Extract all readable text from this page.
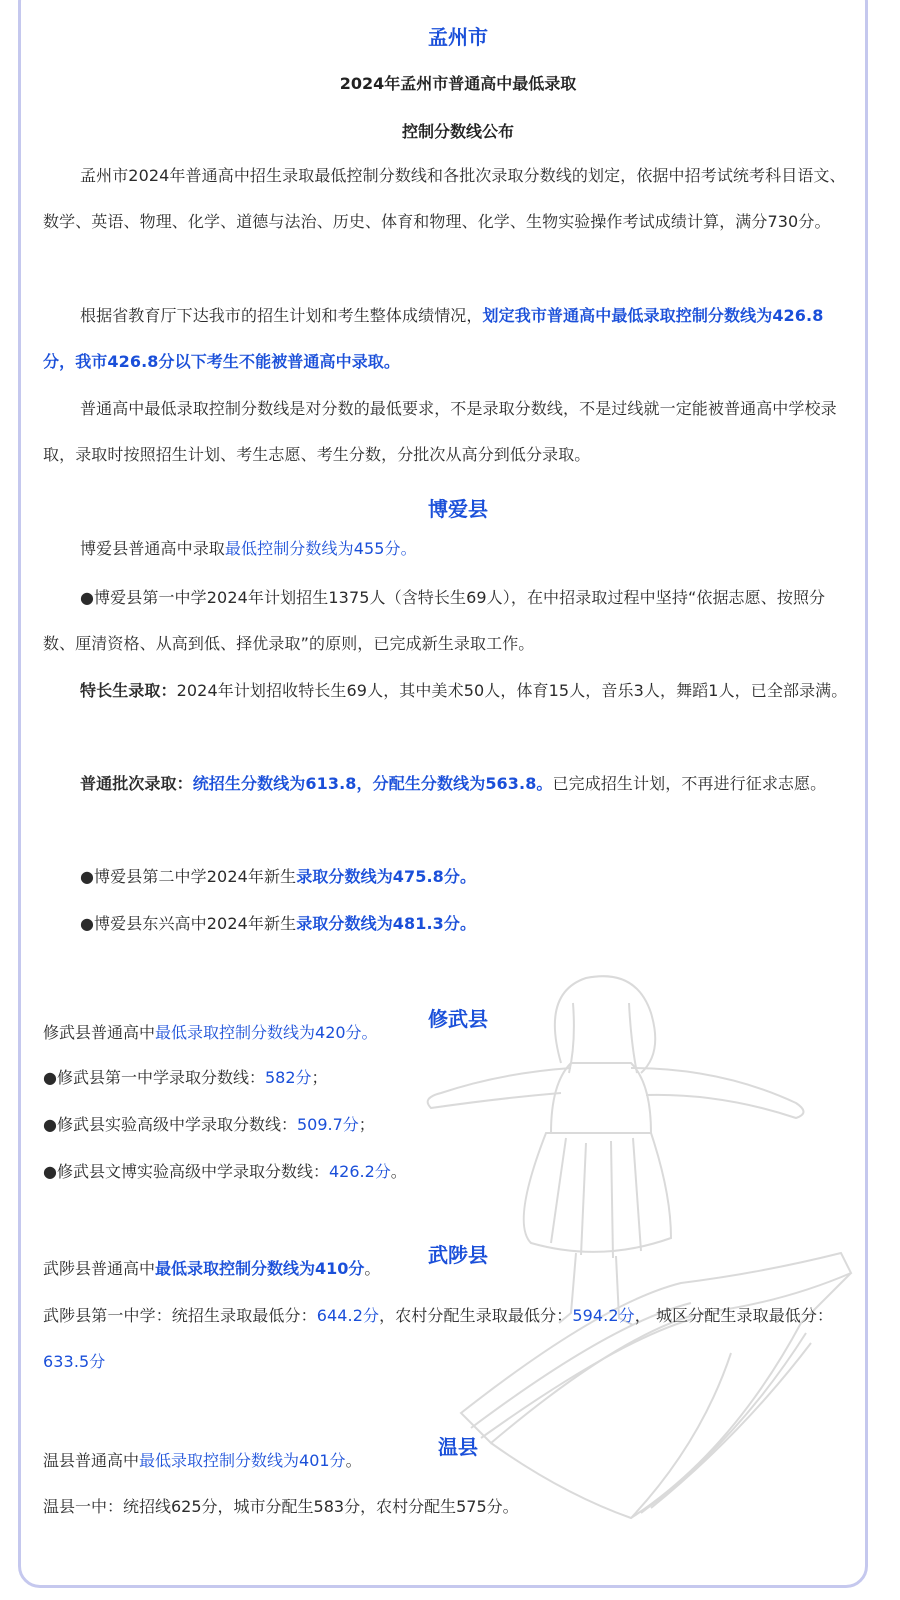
孟州市
2024年孟州市普通高中最低录取
控制分数线公布

孟州市2024年普通高中招生录取最低控制分数线和各批次录取分数线的划定，依据中招考试统考科目语文、数学、英语、物理、化学、道德与法治、历史、体育和物理、化学、生物实验操作考试成绩计算，满分730分。

根据省教育厅下达我市的招生计划和考生整体成绩情况，划定我市普通高中最低录取控制分数线为426.8分，我市426.8分以下考生不能被普通高中录取。

普通高中最低录取控制分数线是对分数的最低要求，不是录取分数线，不是过线就一定能被普通高中学校录取，录取时按照招生计划、考生志愿、考生分数，分批次从高分到低分录取。

博爱县

博爱县普通高中录取最低控制分数线为455分。

●博爱县第一中学2024年计划招生1375人（含特长生69人），在中招录取过程中坚持“依据志愿、按照分数、厘清资格、从高到低、择优录取”的原则，已完成新生录取工作。

特长生录取：2024年计划招收特长生69人，其中美术50人，体育15人，音乐3人，舞蹈1人，已全部录满。

普通批次录取：统招生分数线为613.8，分配生分数线为563.8。已完成招生计划，不再进行征求志愿。

●博爱县第二中学2024年新生录取分数线为475.8分。

●博爱县东兴高中2024年新生录取分数线为481.3分。

修武县

修武县普通高中最低录取控制分数线为420分。

●修武县第一中学录取分数线：582分；

●修武县实验高级中学录取分数线：509.7分；

●修武县文博实验高级中学录取分数线：426.2分。

武陟县

武陟县普通高中最低录取控制分数线为410分。

武陟县第一中学：统招生录取最低分：644.2分，农村分配生录取最低分：594.2分， 城区分配生录取最低分：633.5分

温县

温县普通高中最低录取控制分数线为401分。

温县一中：统招线625分，城市分配生583分，农村分配生575分。
